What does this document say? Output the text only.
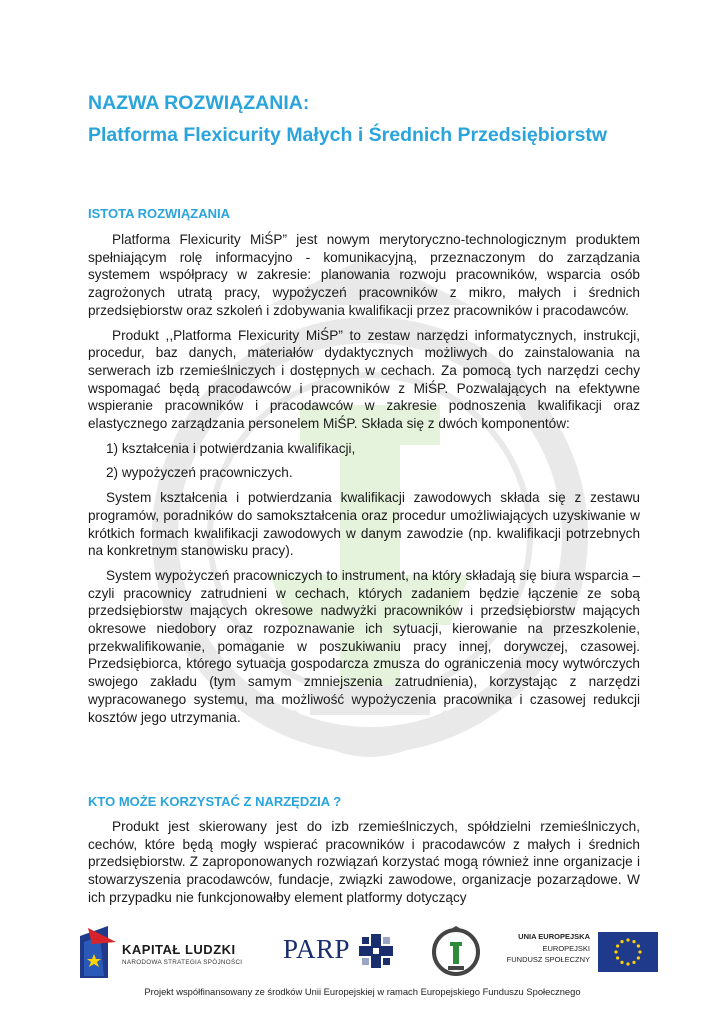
NAZWA ROZWIĄZANIA:
Platforma Flexicurity Małych i Średnich Przedsiębiorstw
ISTOTA ROZWIĄZANIA

Platforma Flexicurity MiŚP” jest nowym merytoryczno-technologicznym produktem spełniającym rolę informacyjno - komunikacyjną, przeznaczonym do zarządzania systemem współpracy w zakresie: planowania rozwoju pracowników, wsparcia osób zagrożonych utratą pracy, wypożyczeń pracowników z mikro, małych i średnich przedsiębiorstw oraz szkoleń i zdobywania kwalifikacji przez pracowników i pracodawców.

Produkt ,,Platforma Flexicurity MiŚP” to zestaw narzędzi informatycznych, instrukcji, procedur, baz danych, materiałów dydaktycznych możliwych do zainstalowania na serwerach izb rzemieślniczych i dostępnych w cechach. Za pomocą tych narzędzi cechy wspomagać będą pracodawców i pracowników z MiŚP. Pozwalających na efektywne wspieranie pracowników i pracodawców w zakresie podnoszenia kwalifikacji oraz elastycznego zarządzania personelem MiŚP. Składa się z dwóch komponentów:

1) kształcenia i potwierdzania kwalifikacji,

2) wypożyczeń pracowniczych.

System kształcenia i potwierdzania kwalifikacji zawodowych składa się z zestawu programów, poradników do samokształcenia oraz procedur umożliwiających uzyskiwanie w krótkich formach kwalifikacji zawodowych w danym zawodzie (np. kwalifikacji potrzebnych na konkretnym stanowisku pracy).

System wypożyczeń pracowniczych to instrument, na który składają się biura wsparcia – czyli pracownicy zatrudnieni w cechach, których zadaniem będzie łączenie ze sobą przedsiębiorstw mających okresowe nadwyżki pracowników i przedsiębiorstw mających okresowe niedobory oraz rozpoznawanie ich sytuacji, kierowanie na przeszkolenie, przekwalifikowanie, pomaganie w poszukiwaniu pracy innej, dorywczej, czasowej. Przedsiębiorca, którego sytuacja gospodarcza zmusza do ograniczenia mocy wytwórczych swojego zakładu (tym samym zmniejszenia zatrudnienia), korzystając z narzędzi wypracowanego systemu, ma możliwość wypożyczenia pracownika i czasowej redukcji kosztów jego utrzymania.

KTO MOŻE KORZYSTAĆ Z NARZĘDZIA ?

Produkt jest skierowany jest do izb rzemieślniczych, spółdzielni rzemieślniczych, cechów, które będą mogły wspierać pracowników i pracodawców z małych i średnich przedsiębiorstw. Z zaproponowanych rozwiązań korzystać mogą również inne organizacje i stowarzyszenia pracodawców, fundacje, związki zawodowe, organizacje pozarządowe. W ich przypadku nie funkcjonowałby element platformy dotyczący

KAPITAŁ LUDZKI
NARODOWA STRATEGIA SPÓJNOŚCI PARP	UNIA EUROPEJSKA
EUROPEJSKI
FUNDUSZ SPOŁECZNY
Projekt współfinansowany ze środków Unii Europejskiej w ramach Europejskiego Funduszu Społecznego
